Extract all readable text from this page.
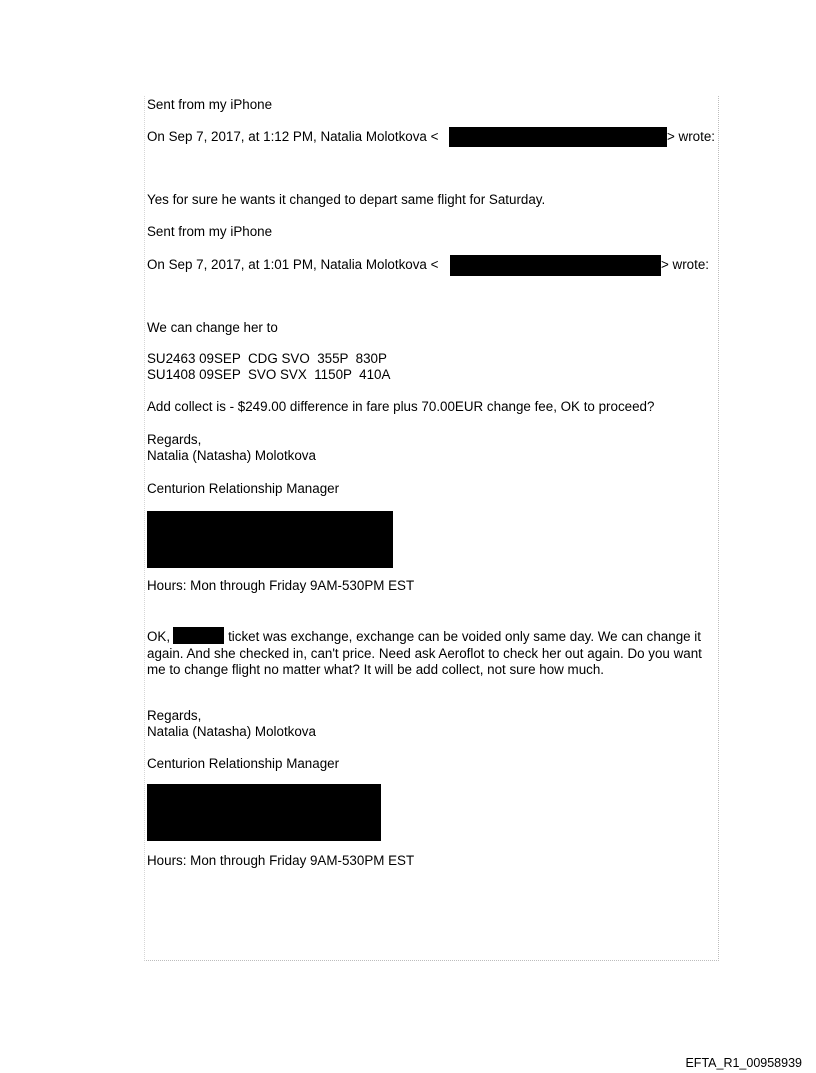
Sent from my iPhone
On Sep 7, 2017, at 1:12 PM, Natalia Molotkova <	> wrote:
Yes for sure he wants it changed to depart same flight for Saturday.
Sent from my iPhone
On Sep 7, 2017, at 1:01 PM, Natalia Molotkova <	> wrote:
We can change her to
SU2463 09SEP  CDG SVO  355P  830P
SU1408 09SEP  SVO SVX  1150P  410A
Add collect is - $249.00 difference in fare plus 70.00EUR change fee, OK to proceed?
Regards,
Natalia (Natasha) Molotkova
Centurion Relationship Manager
Hours: Mon through Friday 9AM-530PM EST
OK,	ticket was exchange, exchange can be voided only same day. We can change it again. And she checked in, can't price. Need ask Aeroflot to check her out again. Do you want me to change flight no matter what? It will be add collect, not sure how much.
Regards,
Natalia (Natasha) Molotkova
Centurion Relationship Manager
Hours: Mon through Friday 9AM-530PM EST
EFTA_R1_00958939
